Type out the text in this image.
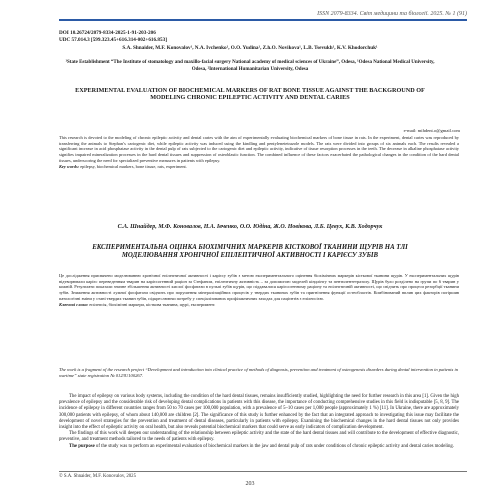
ISSN 2079-8334. Світ медицини та біології. 2025. № 1 (91)
DOI 10.26724/2079-8334-2025-1-91-203-206
UDC 57.014.3 [599.323.45+616.314-002+616.853]
S.A. Shnaider, M.F. Konovalov¹, N.A. Ivchenko¹, O.O. Yudina¹, Z.h.O. Novikova¹, L.B. Tsevukh¹, K.V. Khodorchuk¹
¹State Establishment “The Institute of stomatology and maxillo-facial surgery National academy of medical sciences of Ukraine”, Odesa, ¹Odesa National Medical University, Odesa, ²International Humanitarian University, Odesa
EXPERIMENTAL EVALUATION OF BIOCHEMICAL MARKERS OF RAT BONE TISSUE AGAINST THE BACKGROUND OF MODELING CHRONIC EPILEPTIC ACTIVITY AND DENTAL CARIES
e-mail: mihdent.o@gmail.com
This research is devoted to the modeling of chronic epileptic activity and dental caries with the aim of experimentally evaluating biochemical markers of bone tissue in rats. In the experiment, dental caries was reproduced by transferring the animals to Stephan’s cariogenic diet, while epileptic activity was induced using the kindling and pentylenetetrazole models. The rats were divided into groups of six animals each. The results revealed a significant increase in acid phosphatase activity in the dental pulp of rats subjected to the cariogenic diet and epileptic activity, indicative of tissue resorption processes in the teeth. The decrease in alkaline phosphatase activity signifies impaired mineralization processes in the hard dental tissues and suppression of osteoblastic function. The combined influence of these factors exacerbated the pathological changes in the condition of the hard dental tissues, underscoring the need for specialized preventive measures in patients with epilepsy.
Key words: epilepsy, biochemical markers, bone tissue, rats, experiment.
С.А. Шнайдер, М.Ф. Коновалов, Н.А. Івченко, О.О. Юдіна, Ж.О. Новікова, Л.Б. Цевух, К.В. Ходорчук
ЕКСПЕРИМЕНТАЛЬНА ОЦІНКА БІОХІМІЧНИХ МАРКЕРІВ КІСТКОВОЇ ТКАНИНИ ЩУРІВ НА ТЛІ МОДЕЛЮВАННЯ ХРОНІЧНОЇ ЕПІЛЕПТИЧНОЇ АКТИВНОСТІ І КАРІЄСУ ЗУБІВ
Це дослідження присвячено моделюванню хронічної епілептичної активності і карієсу зубів з метою експериментального оцінення біохімічних маркерів кісткової тканини щурів. У експериментальних щурів відтворювали карієс переведенням тварин на карієсогенний раціон за Стефаном, епілептичну активність – за допомогою моделей кіндлінгу та пентилентетразолу. Щурів було розділено на групи по 6 тварин у кожній. Результати показали значне збільшення активності кислої фосфатази в пульпі зубів щурів, що піддавалися карієсогенному раціону та епілептичній активності, що свідчить про процеси резорбції тканини зубів. Зниження активності лужної фосфатази свідчить про порушення мінералізаційних процесів у твердих тканинах зубів та пригнічення функції остеобластів. Комбінований вплив цих факторів погіршив патологічні зміни у стані твердих тканин зубів, підкреслюючи потребу у спеціалізованих профілактичних заходах для пацієнтів з епілепсією.
Ключові слова: епілепсія, біохімічні маркери, кісткова тканина, щурі, експеримент.
The work is a fragment of the research project “Development and introduction into clinical practice of methods of diagnosis, prevention and treatment of osteogenesis disorders during dental intervention in patients in wartime” state registration № 0123U100267.

The impact of epilepsy on various body systems, including the condition of the hard dental tissues, remains insufficiently studied, highlighting the need for further research in this area [1]. Given the high prevalence of epilepsy and the considerable risk of developing dental complications in patients with this disease, the importance of conducting comprehensive studies in this field is indisputable [5, 8, 9]. The incidence of epilepsy in different countries ranges from 50 to 70 cases per 100,000 population, with a prevalence of 5–10 cases per 1,000 people (approximately 1 %) [11]. In Ukraine, there are approximately 300,000 patients with epilepsy, of whom about 140,000 are children [2]. The significance of this study is further enhanced by the fact that an integrated approach to investigating this issue may facilitate the development of novel strategies for the prevention and treatment of dental diseases, particularly in patients with epilepsy. Examining the biochemical changes in the hard dental tissues not only provides insight into the effect of epileptic activity on oral health, but also reveals potential biochemical markers that could serve as early indicators of complication development.

The findings of this work will deepen our understanding of the relationship between epileptic activity and the state of the hard dental tissues and will contribute to the development of effective diagnostic, preventive, and treatment methods tailored to the needs of patients with epilepsy.

The purpose of the study was to perform an experimental evaluation of biochemical markers in the jaw and dental pulp of rats under conditions of chronic epileptic activity and dental caries modeling.

© S.A. Shnaider, M.F. Konovalov, 2025
203
